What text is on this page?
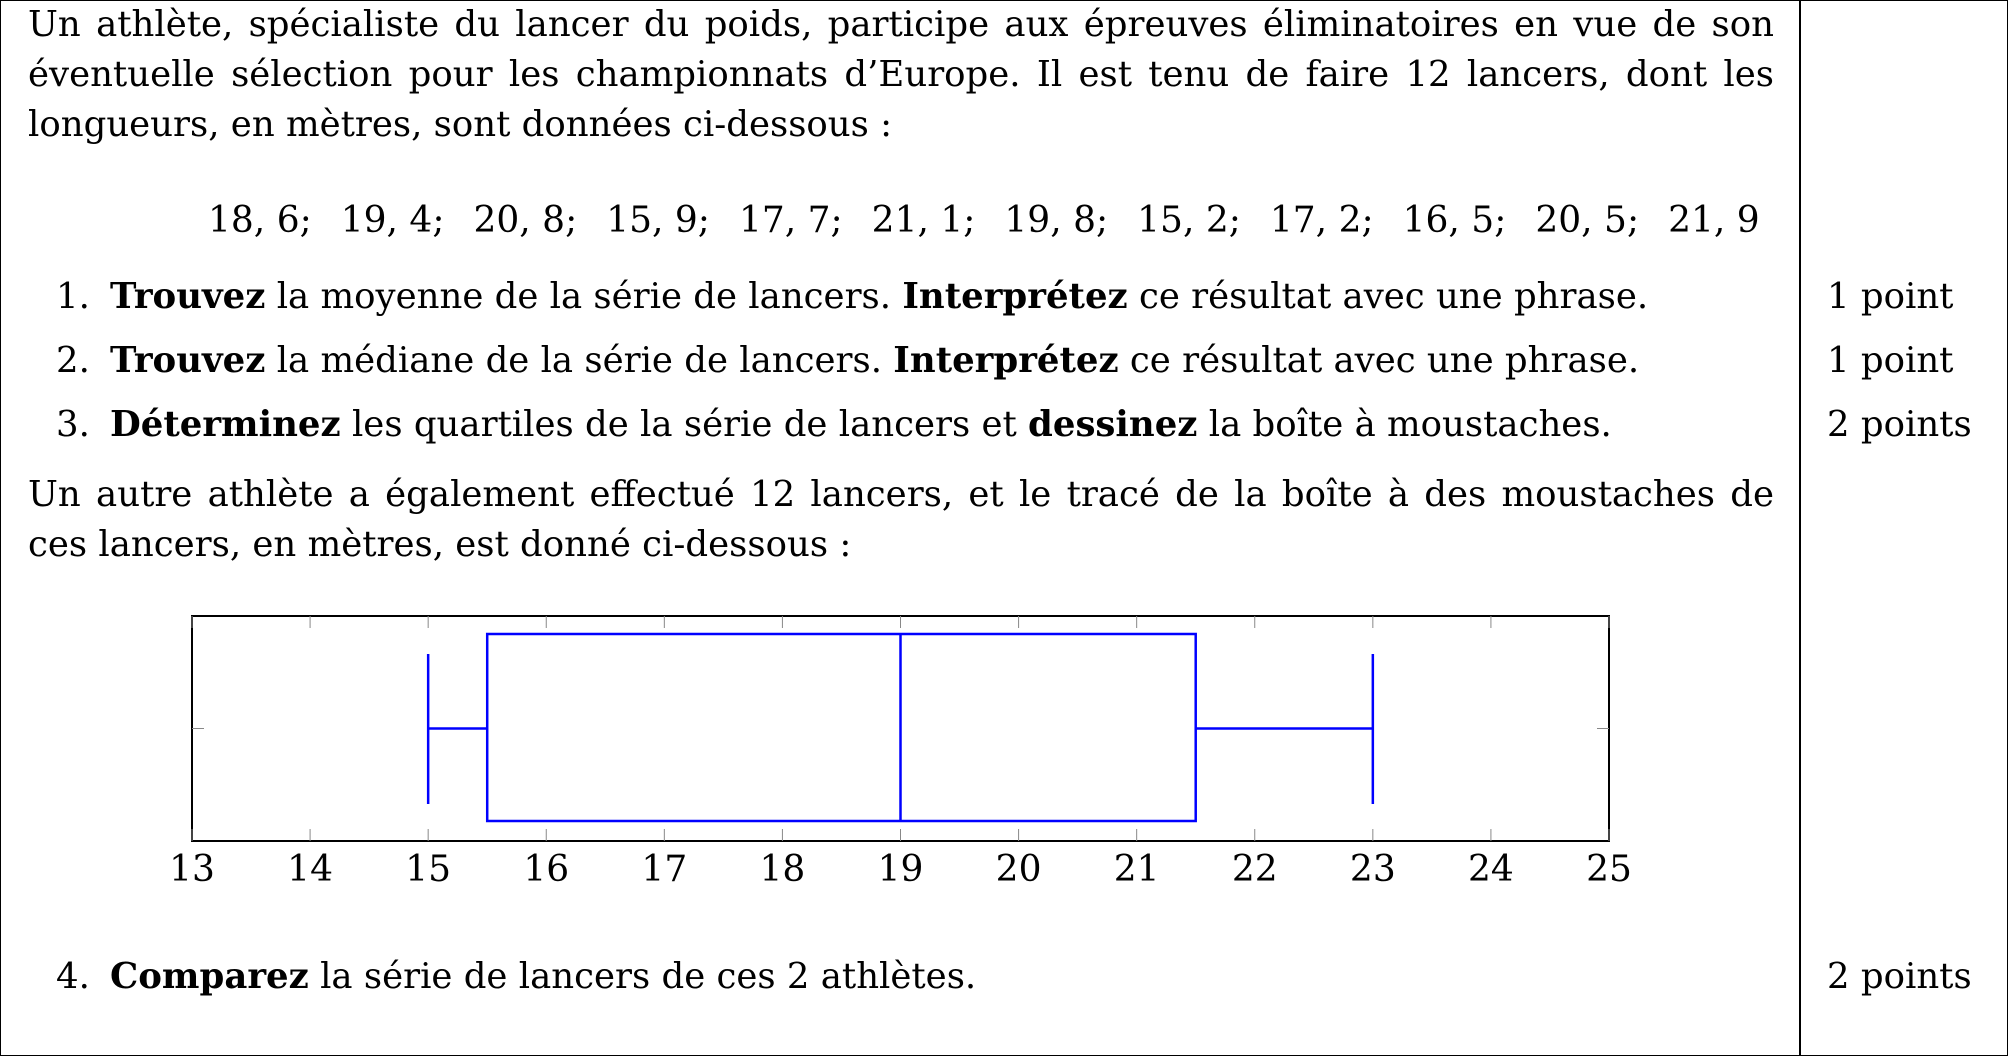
Un athlète, spécialiste du lancer du poids, participe aux épreuves éliminatoires en vue de son éventuelle sélection pour les championnats d’Europe. Il est tenu de faire 12 lancers, dont les longueurs, en mètres, sont données ci-dessous :
18, 6; 19, 4; 20, 8; 15, 9; 17, 7; 21, 1; 19, 8; 15, 2; 17, 2; 16, 5; 20, 5; 21, 9
1. Trouvez la moyenne de la série de lancers. Interprétez ce résultat avec une phrase.	1 point
2. Trouvez la médiane de la série de lancers. Interprétez ce résultat avec une phrase.	1 point
3. Déterminez les quartiles de la série de lancers et dessinez la boîte à moustaches.	2 points
Un autre athlète a également effectué 12 lancers, et le tracé de la boîte à des moustaches de ces lancers, en mètres, est donné ci-dessous :
13 14 15 16 17 18 19 20 21 22 23 24 25
4. Comparez la série de lancers de ces 2 athlètes.	2 points
